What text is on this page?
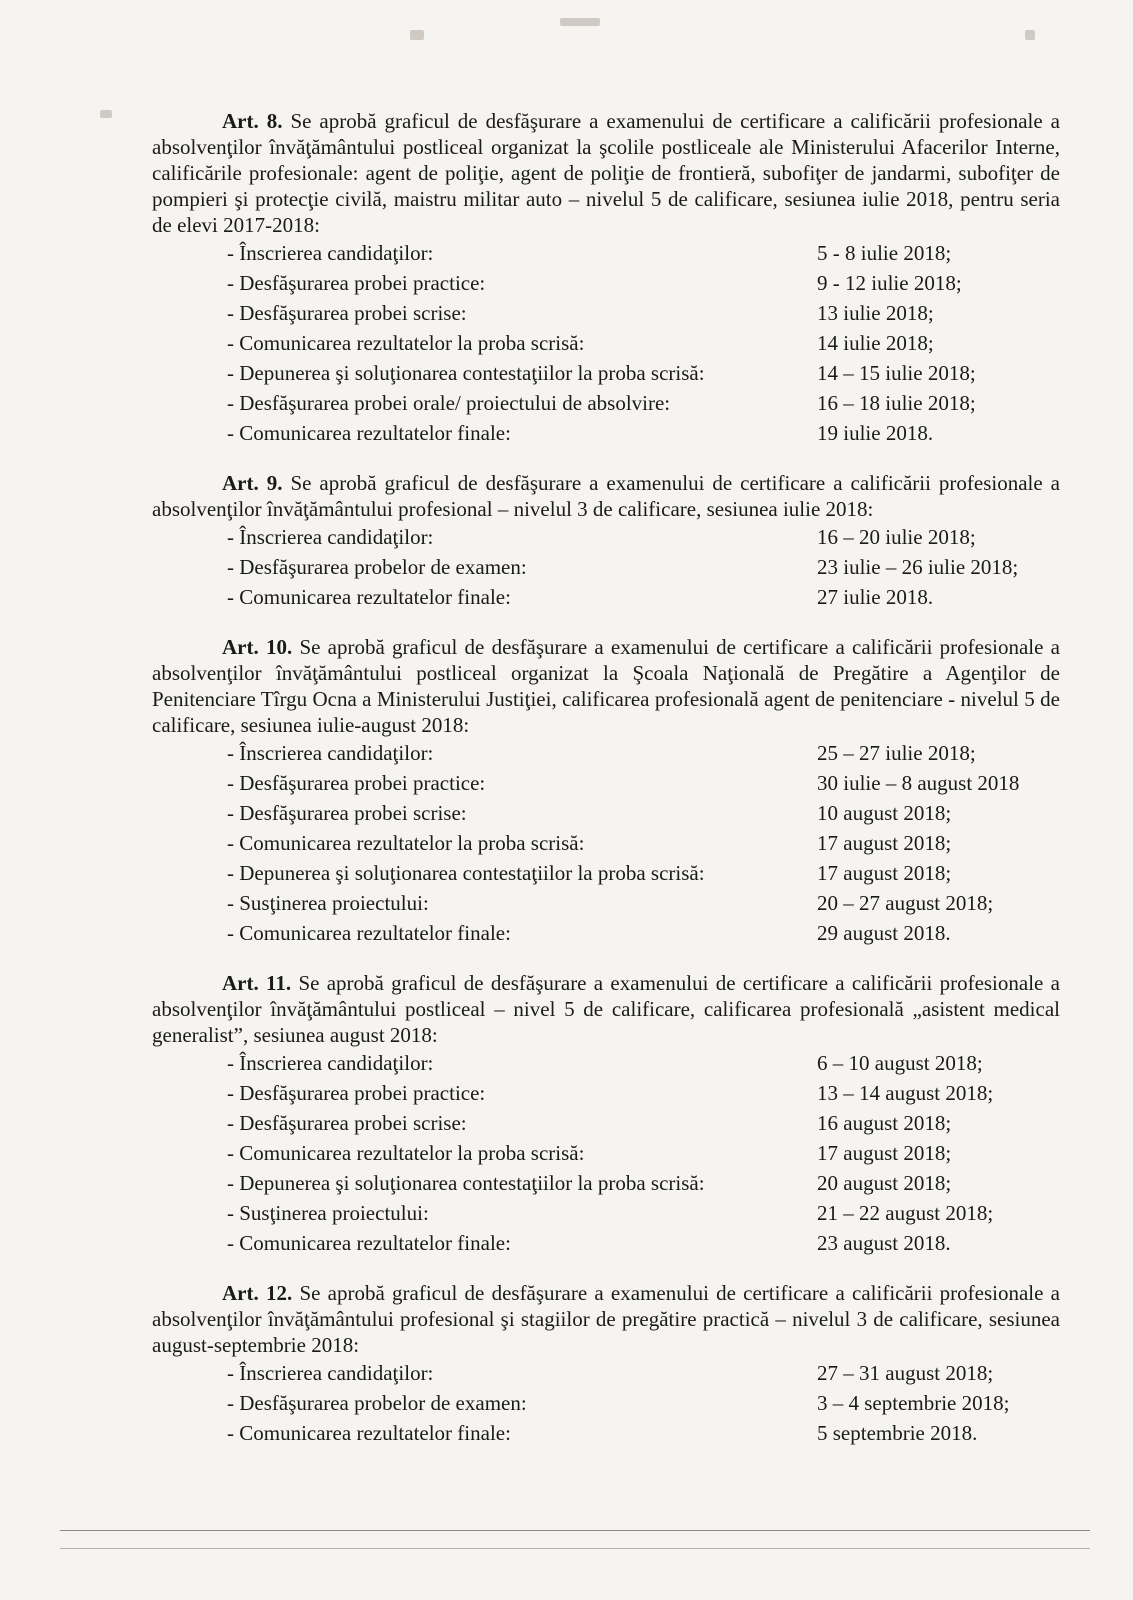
Art. 8. Se aprobă graficul de desfăşurare a examenului de certificare a calificării profesionale a absolvenţilor învăţământului postliceal organizat la şcolile postliceale ale Ministerului Afacerilor Interne, calificările profesionale: agent de poliţie, agent de poliţie de frontieră, subofiţer de jandarmi, subofiţer de pompieri şi protecţie civilă, maistru militar auto – nivelul 5 de calificare, sesiunea iulie 2018, pentru seria de elevi 2017-2018:

- Înscrierea candidaţilor:	5 - 8 iulie 2018;
- Desfăşurarea probei practice:	9 - 12 iulie 2018;
- Desfăşurarea probei scrise:	13 iulie 2018;
- Comunicarea rezultatelor la proba scrisă:	14 iulie 2018;
- Depunerea şi soluţionarea contestaţiilor la proba scrisă:	14 – 15 iulie 2018;
- Desfăşurarea probei orale/ proiectului de absolvire:	16 – 18 iulie 2018;
- Comunicarea rezultatelor finale:	19 iulie 2018.

Art. 9. Se aprobă graficul de desfăşurare a examenului de certificare a calificării profesionale a absolvenţilor învăţământului profesional – nivelul 3 de calificare, sesiunea iulie 2018:

- Înscrierea candidaţilor:	16 – 20 iulie 2018;
- Desfăşurarea probelor de examen:	23 iulie – 26 iulie 2018;
- Comunicarea rezultatelor finale:	27 iulie 2018.

Art. 10. Se aprobă graficul de desfăşurare a examenului de certificare a calificării profesionale a absolvenţilor învăţământului postliceal organizat la Şcoala Naţională de Pregătire a Agenţilor de Penitenciare Tîrgu Ocna a Ministerului Justiţiei, calificarea profesională agent de penitenciare - nivelul 5 de calificare, sesiunea iulie-august 2018:

- Înscrierea candidaţilor:	25 – 27 iulie 2018;
- Desfăşurarea probei practice:	30 iulie – 8 august 2018
- Desfăşurarea probei scrise:	10 august 2018;
- Comunicarea rezultatelor la proba scrisă:	17 august 2018;
- Depunerea şi soluţionarea contestaţiilor la proba scrisă:	17 august 2018;
- Susţinerea proiectului:	20 – 27 august 2018;
- Comunicarea rezultatelor finale:	29 august 2018.

Art. 11. Se aprobă graficul de desfăşurare a examenului de certificare a calificării profesionale a absolvenţilor învăţământului postliceal – nivel 5 de calificare, calificarea profesională „asistent medical generalist”, sesiunea august 2018:

- Înscrierea candidaţilor:	6 – 10 august 2018;
- Desfăşurarea probei practice:	13 – 14 august 2018;
- Desfăşurarea probei scrise:	16 august 2018;
- Comunicarea rezultatelor la proba scrisă:	17 august 2018;
- Depunerea şi soluţionarea contestaţiilor la proba scrisă:	20 august 2018;
- Susţinerea proiectului:	21 – 22 august 2018;
- Comunicarea rezultatelor finale:	23 august 2018.

Art. 12. Se aprobă graficul de desfăşurare a examenului de certificare a calificării profesionale a absolvenţilor învăţământului profesional şi stagiilor de pregătire practică – nivelul 3 de calificare, sesiunea august-septembrie 2018:

- Înscrierea candidaţilor:	27 – 31 august 2018;
- Desfăşurarea probelor de examen:	3 – 4 septembrie 2018;
- Comunicarea rezultatelor finale:	5 septembrie 2018.
